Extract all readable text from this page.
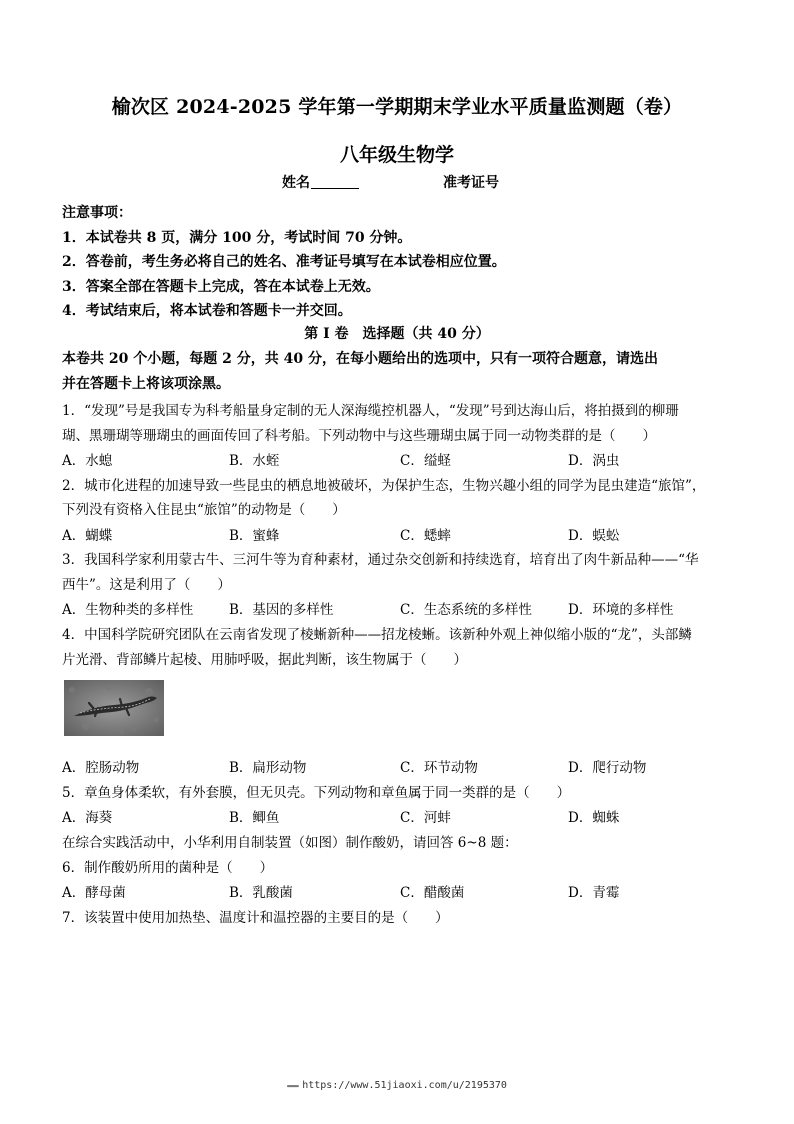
榆次区 2024-2025 学年第一学期期末学业水平质量监测题（卷）
八年级生物学
姓名	准考证号
注意事项：
1．本试卷共 8 页，满分 100 分，考试时间 70 分钟。
2．答卷前，考生务必将自己的姓名、准考证号填写在本试卷相应位置。
3．答案全部在答题卡上完成，答在本试卷上无效。
4．考试结束后，将本试卷和答题卡一并交回。
第 I 卷　选择题（共 40 分）
本卷共 20 个小题，每题 2 分，共 40 分，在每小题给出的选项中，只有一项符合题意，请选出
并在答题卡上将该项涂黑。
1．“发现”号是我国专为科考船量身定制的无人深海缆控机器人，“发现”号到达海山后，将拍摄到的柳珊
瑚、黑珊瑚等珊瑚虫的画面传回了科考船。下列动物中与这些珊瑚虫属于同一动物类群的是（　　）
A．水螅	B．水蛭	C．缢蛏	D．涡虫
2．城市化进程的加速导致一些昆虫的栖息地被破坏，为保护生态，生物兴趣小组的同学为昆虫建造“旅馆”，
下列没有资格入住昆虫“旅馆”的动物是（　　）
A．蝴蝶	B．蜜蜂	C．蟋蟀	D．蜈蚣
3．我国科学家利用蒙古牛、三河牛等为育种素材，通过杂交创新和持续选育，培育出了肉牛新品种——“华
西牛”。这是利用了（　　）
A．生物种类的多样性	B．基因的多样性	C．生态系统的多样性	D．环境的多样性
4．中国科学院研究团队在云南省发现了棱蜥新种——招龙棱蜥。该新种外观上神似缩小版的“龙”，头部鳞
片光滑、背部鳞片起棱、用肺呼吸，据此判断，该生物属于（　　）
A．腔肠动物	B．扁形动物	C．环节动物	D．爬行动物
5．章鱼身体柔软，有外套膜，但无贝壳。下列动物和章鱼属于同一类群的是（　　）
A．海葵	B．鲫鱼	C．河蚌	D．蜘蛛
在综合实践活动中，小华利用自制装置（如图）制作酸奶，请回答 6~8 题：
6．制作酸奶所用的菌种是（　　）
A．酵母菌	B．乳酸菌	C．醋酸菌	D．青霉
7．该装置中使用加热垫、温度计和温控器的主要目的是（　　）
▬▬▬ https://www.51jiaoxi.com/u/2195370
